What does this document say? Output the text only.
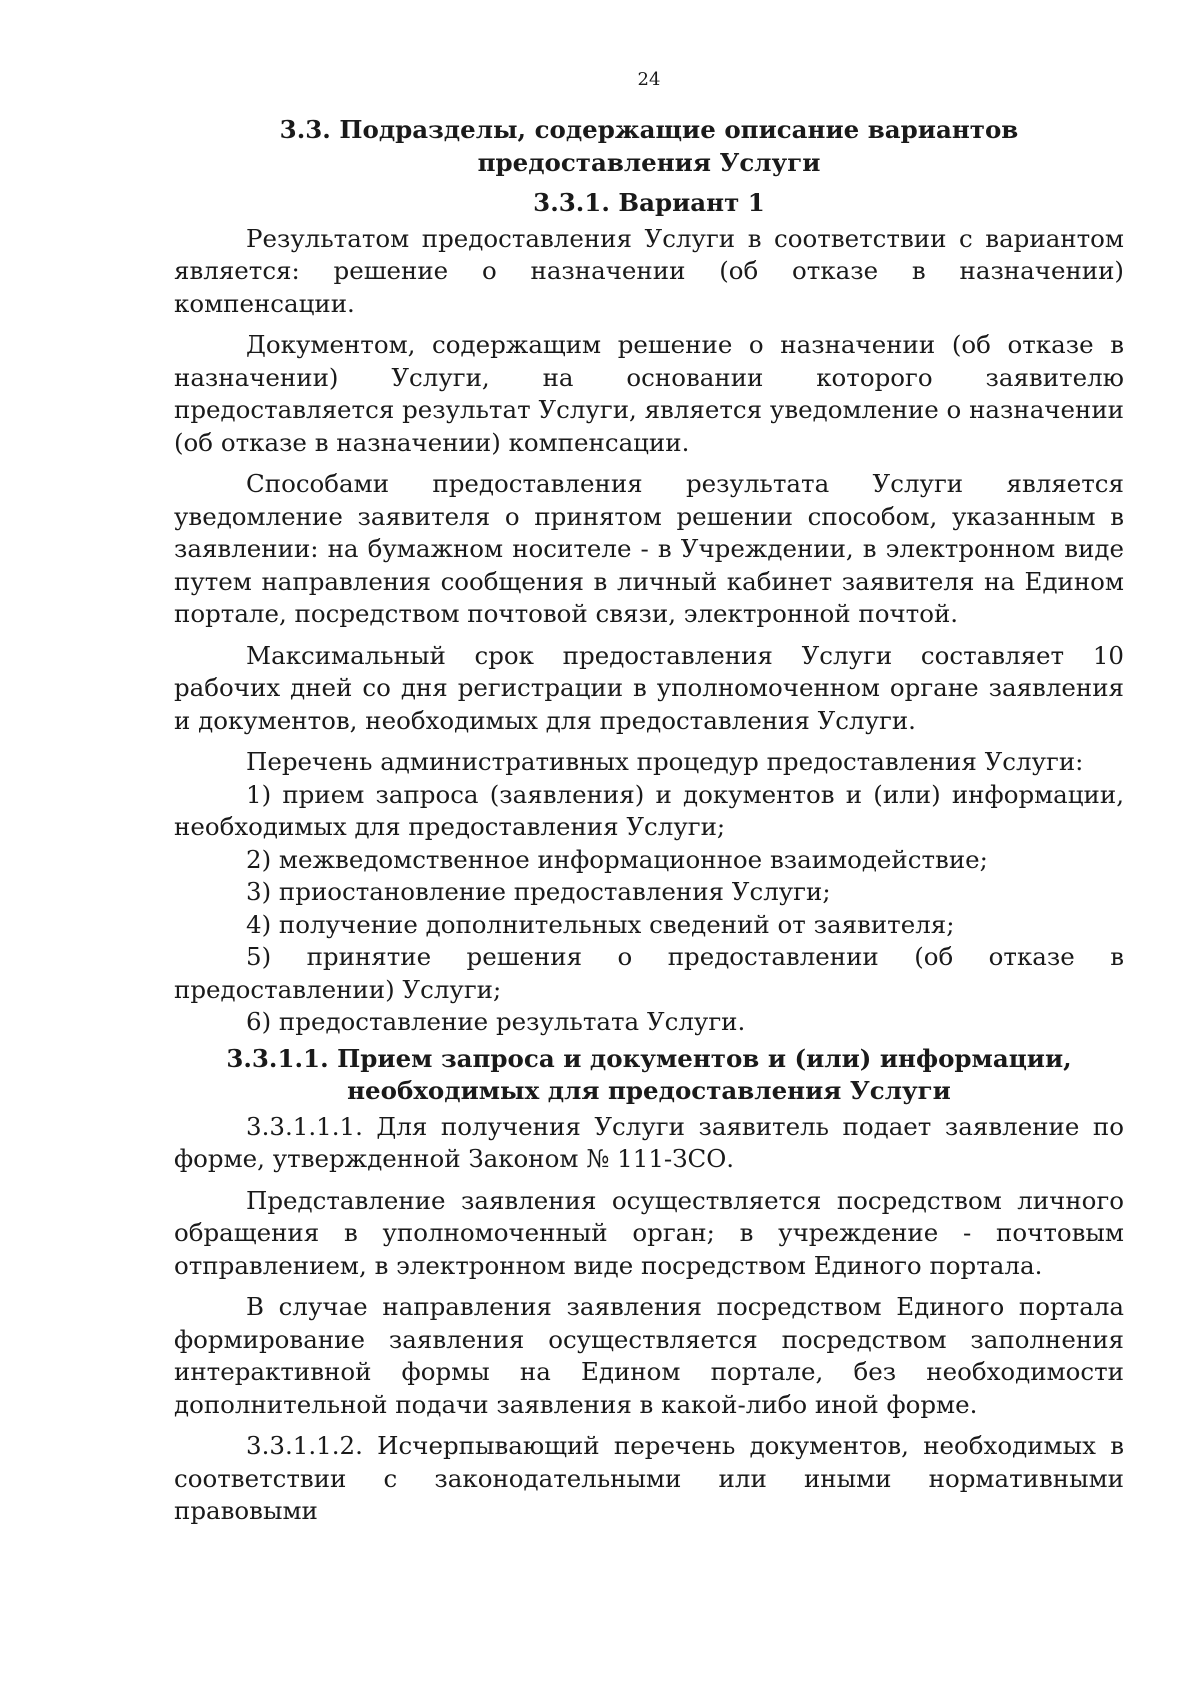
24
3.3. Подразделы, содержащие описание вариантов предоставления Услуги
3.3.1. Вариант 1

Результатом предоставления Услуги в соответствии с вариантом является: решение о назначении (об отказе в назначении) компенсации.

Документом, содержащим решение о назначении (об отказе в назначении) Услуги, на основании которого заявителю предоставляется результат Услуги, является уведомление о назначении (об отказе в назначении) компенсации.

Способами предоставления результата Услуги является уведомление заявителя о принятом решении способом, указанным в заявлении: на бумажном носителе - в Учреждении, в электронном виде путем направления сообщения в личный кабинет заявителя на Едином портале, посредством почтовой связи, электронной почтой.

Максимальный срок предоставления Услуги составляет 10 рабочих дней со дня регистрации в уполномоченном органе заявления и документов, необходимых для предоставления Услуги.

Перечень административных процедур предоставления Услуги:

1) прием запроса (заявления) и документов и (или) информации, необходимых для предоставления Услуги;

2) межведомственное информационное взаимодействие;

3) приостановление предоставления Услуги;

4) получение дополнительных сведений от заявителя;

5) принятие решения о предоставлении (об отказе в предоставлении) Услуги;

6) предоставление результата Услуги.

3.3.1.1. Прием запроса и документов и (или) информации, необходимых для предоставления Услуги

3.3.1.1.1. Для получения Услуги заявитель подает заявление по форме, утвержденной Законом № 111-ЗСО.

Представление заявления осуществляется посредством личного обращения в уполномоченный орган; в учреждение - почтовым отправлением, в электронном виде посредством Единого портала.

В случае направления заявления посредством Единого портала формирование заявления осуществляется посредством заполнения интерактивной формы на Едином портале, без необходимости дополнительной подачи заявления в какой-либо иной форме.

3.3.1.1.2. Исчерпывающий перечень документов, необходимых в соответствии с законодательными или иными нормативными правовыми
